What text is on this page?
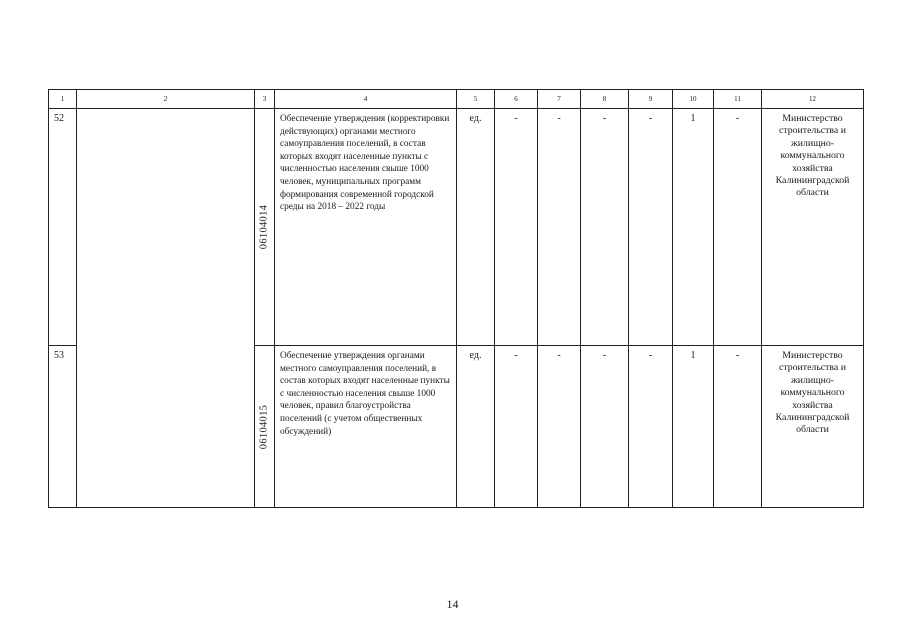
1	2	3	4	5	6	7	8	9	10	11	12
52		06104014	Обеспечение утверждения (корректировки действующих) органами местного самоуправления поселений, в состав которых входят населенные пункты с численностью населения свыше 1000 человек, муниципальных программ формирования современной городской среды на 2018 – 2022 годы	ед.	-	-	-	-	1	-	Министерство строительства и жилищно-коммунального хозяйства Калининградской области
53		06104015	Обеспечение утверждения органами местного самоуправления поселений, в состав которых входят населенные пункты с численностью населения свыше 1000 человек, правил благоустройства поселений (с учетом общественных обсуждений)	ед.	-	-	-	-	1	-	Министерство строительства и жилищно-коммунального хозяйства Калининградской области
14
